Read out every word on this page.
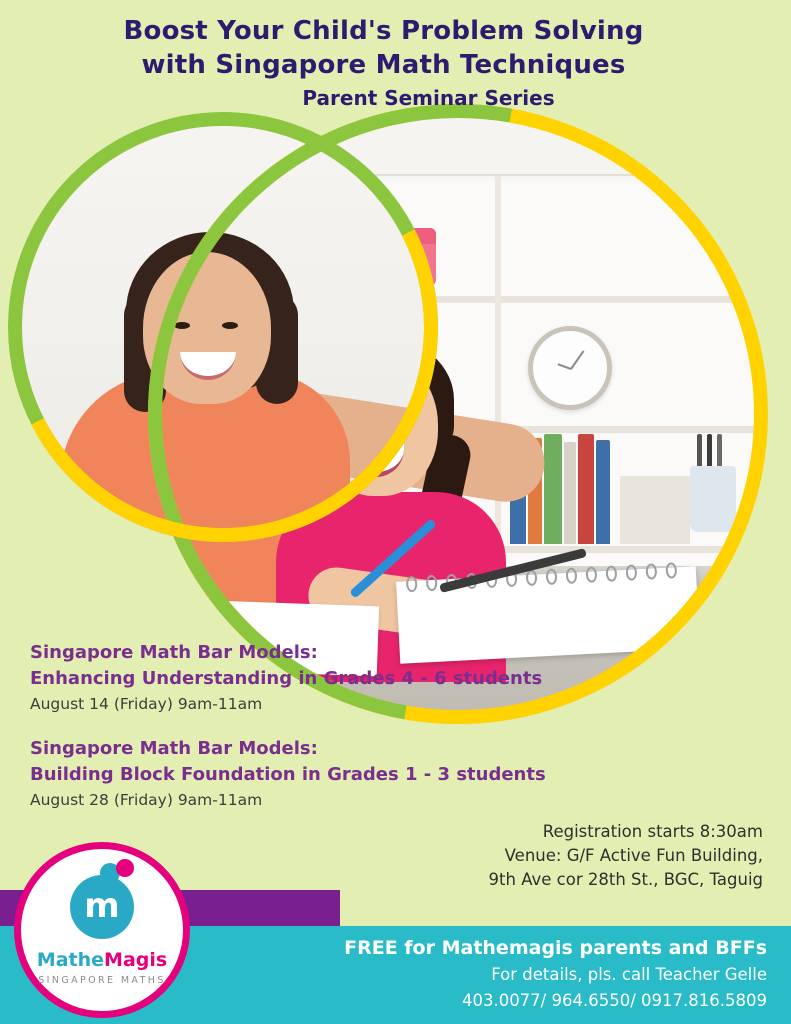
Boost Your Child's Problem Solving
with Singapore Math Techniques
Parent Seminar Series
Singapore Math Bar Models:
Enhancing Understanding in Grades 4 - 6 students
August 14 (Friday) 9am-11am
Singapore Math Bar Models:
Building Block Foundation in Grades 1 - 3 students
August 28 (Friday) 9am-11am
Registration starts 8:30am
Venue: G/F Active Fun Building,
9th Ave cor 28th St., BGC, Taguig
FREE for Mathemagis parents and BFFs
For details, pls. call Teacher Gelle
403.0077/ 964.6550/ 0917.816.5809
m
MatheMagis
SINGAPORE MATHS
